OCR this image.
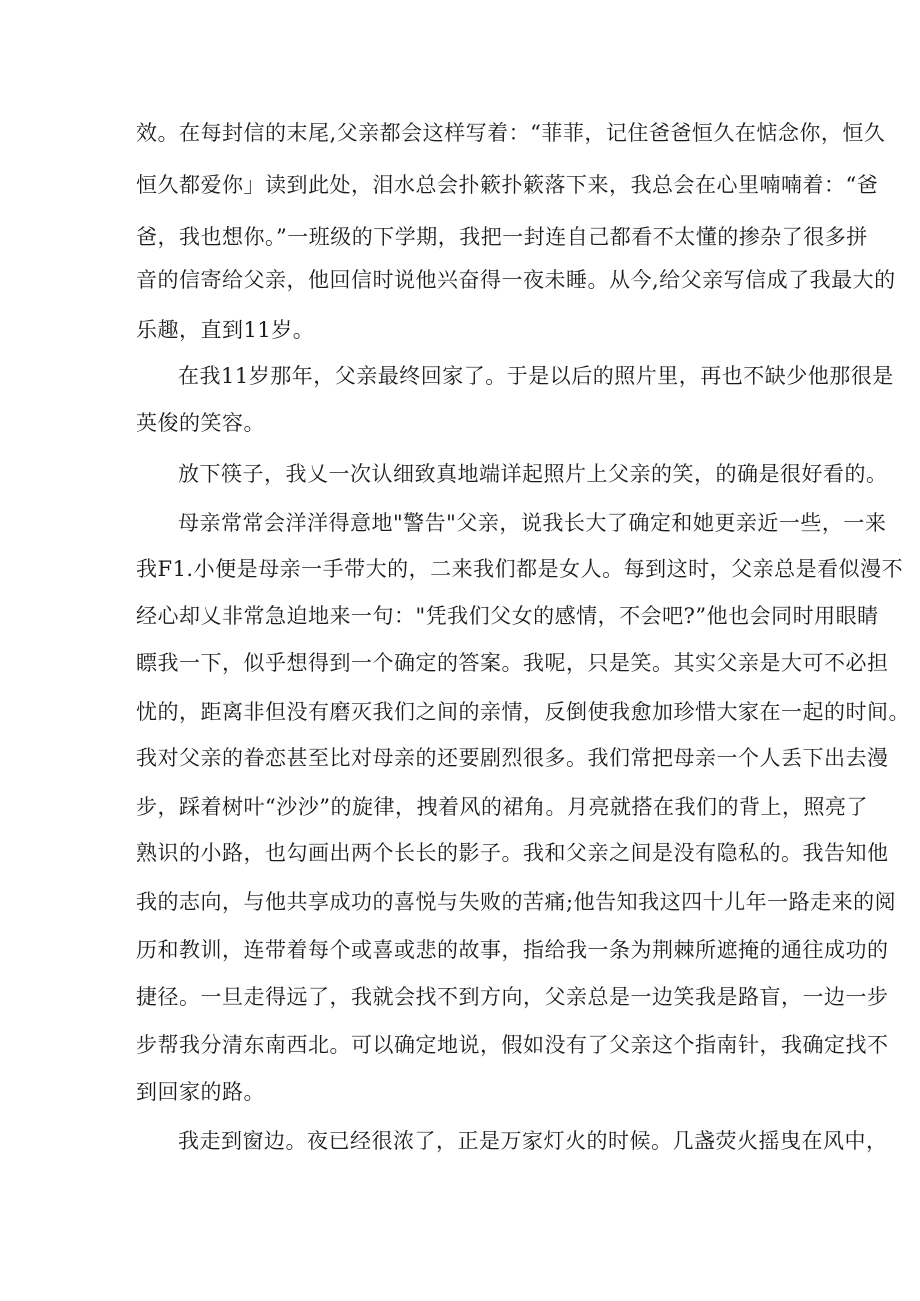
效。在每封信的末尾,父亲都会这样写着：“菲菲，记住爸爸恒久在惦念你，恒久
恒久都爱你」读到此处，泪水总会扑簌扑簌落下来，我总会在心里喃喃着：“爸
爸，我也想你。”一班级的下学期，我把一封连自己都看不太懂的掺杂了很多拼
音的信寄给父亲，他回信时说他兴奋得一夜未睡。从今,给父亲写信成了我最大的
乐趣，直到11岁。
在我11岁那年，父亲最终回家了。于是以后的照片里，再也不缺少他那很是
英俊的笑容。
放下筷子，我乂一次认细致真地端详起照片上父亲的笑，的确是很好看的。
母亲常常会洋洋得意地"警告"父亲，说我长大了确定和她更亲近一些，一来
我F1.小便是母亲一手带大的，二来我们都是女人。每到这时，父亲总是看似漫不
经心却乂非常急迫地来一句："凭我们父女的感情，不会吧?”他也会同时用眼睛
瞟我一下，似乎想得到一个确定的答案。我呢，只是笑。其实父亲是大可不必担
忧的，距离非但没有磨灭我们之间的亲情，反倒使我愈加珍惜大家在一起的时间。
我对父亲的眷恋甚至比对母亲的还要剧烈很多。我们常把母亲一个人丢下出去漫
步，踩着树叶“沙沙”的旋律，拽着风的裙角。月亮就搭在我们的背上，照亮了
熟识的小路，也勾画出两个长长的影子。我和父亲之间是没有隐私的。我告知他
我的志向，与他共享成功的喜悦与失败的苦痛;他告知我这四十儿年一路走来的阅
历和教训，连带着每个或喜或悲的故事，指给我一条为荆棘所遮掩的通往成功的
捷径。一旦走得远了，我就会找不到方向，父亲总是一边笑我是路盲，一边一步
步帮我分清东南西北。可以确定地说，假如没有了父亲这个指南针，我确定找不
到回家的路。
我走到窗边。夜已经很浓了，正是万家灯火的时候。几盏荧火摇曳在风中，
